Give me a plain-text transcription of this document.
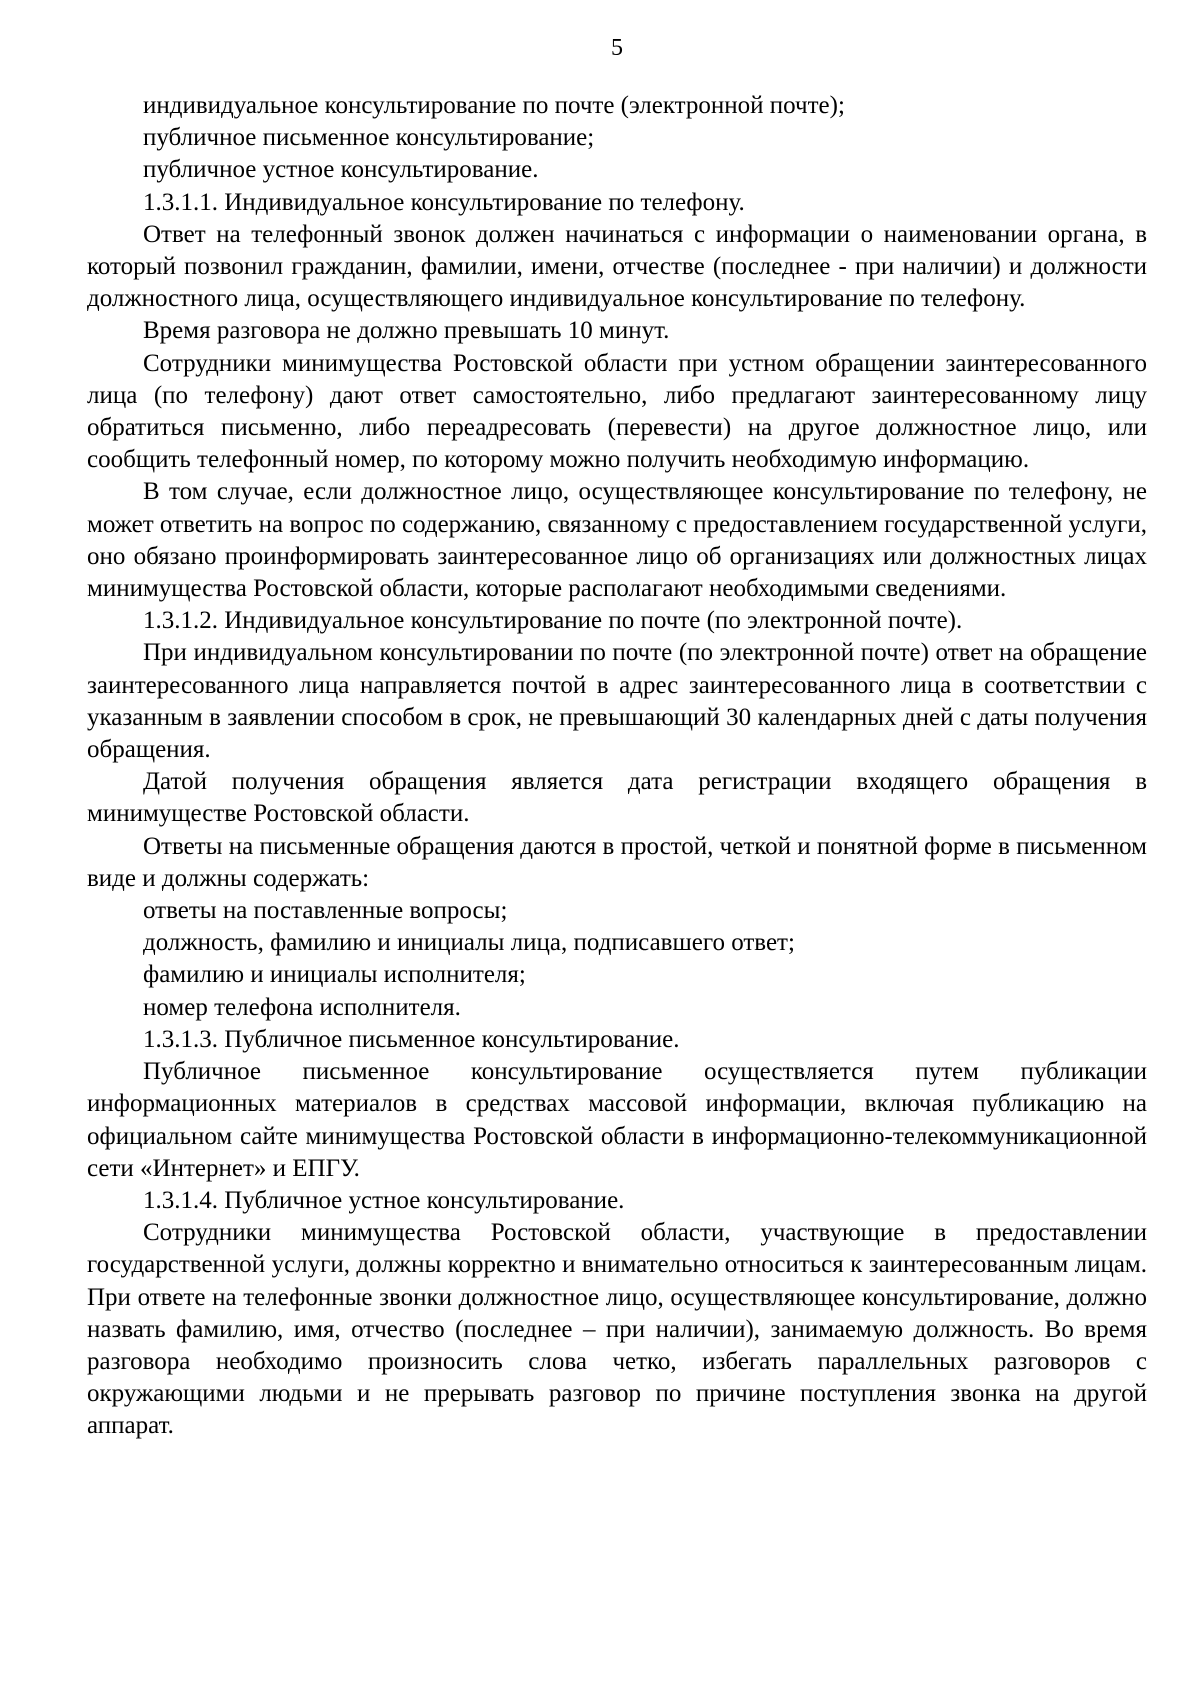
5

индивидуальное консультирование по почте (электронной почте);

публичное письменное консультирование;

публичное устное консультирование.

1.3.1.1. Индивидуальное консультирование по телефону.

Ответ на телефонный звонок должен начинаться с информации о наименовании органа, в который позвонил гражданин, фамилии, имени, отчестве (последнее - при наличии) и должности должностного лица, осуществляющего индивидуальное консультирование по телефону.

Время разговора не должно превышать 10 минут.

Сотрудники минимущества Ростовской области при устном обращении заинтересованного лица (по телефону) дают ответ самостоятельно, либо предлагают заинтересованному лицу обратиться письменно, либо переадресовать (перевести) на другое должностное лицо, или сообщить телефонный номер, по которому можно получить необходимую информацию.

В том случае, если должностное лицо, осуществляющее консультирование по телефону, не может ответить на вопрос по содержанию, связанному с предоставлением государственной услуги, оно обязано проинформировать заинтересованное лицо об организациях или должностных лицах минимущества Ростовской области, которые располагают необходимыми сведениями.

1.3.1.2. Индивидуальное консультирование по почте (по электронной почте).

При индивидуальном консультировании по почте (по электронной почте) ответ на обращение заинтересованного лица направляется почтой в адрес заинтересованного лица в соответствии с указанным в заявлении способом в срок, не превышающий 30 календарных дней с даты получения обращения.

Датой получения обращения является дата регистрации входящего обращения в минимуществе Ростовской области.

Ответы на письменные обращения даются в простой, четкой и понятной форме в письменном виде и должны содержать:

ответы на поставленные вопросы;

должность, фамилию и инициалы лица, подписавшего ответ;

фамилию и инициалы исполнителя;

номер телефона исполнителя.

1.3.1.3. Публичное письменное консультирование.

Публичное письменное консультирование осуществляется путем публикации информационных материалов в средствах массовой информации, включая публикацию на официальном сайте минимущества Ростовской области в информационно-телекоммуникационной сети «Интернет» и ЕПГУ.

1.3.1.4. Публичное устное консультирование.

Сотрудники минимущества Ростовской области, участвующие в предоставлении государственной услуги, должны корректно и внимательно относиться к заинтересованным лицам. При ответе на телефонные звонки должностное лицо, осуществляющее консультирование, должно назвать фамилию, имя, отчество (последнее – при наличии), занимаемую должность. Во время разговора необходимо произносить слова четко, избегать параллельных разговоров с окружающими людьми и не прерывать разговор по причине поступления звонка на другой аппарат.
